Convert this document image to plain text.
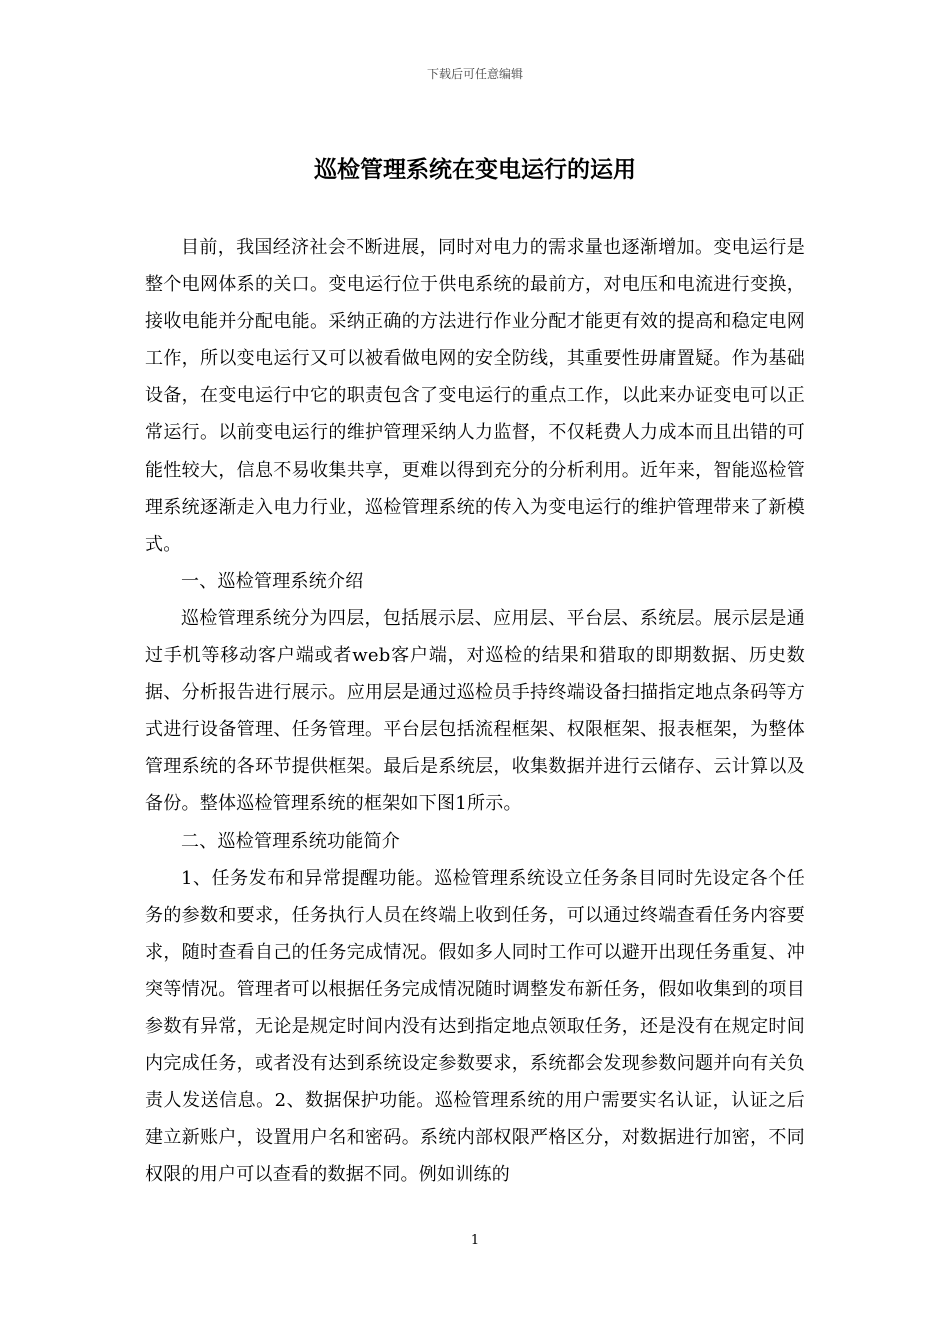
下载后可任意编辑
巡检管理系统在变电运行的运用

目前，我国经济社会不断进展，同时对电力的需求量也逐渐增加。变电运行是整个电网体系的关口。变电运行位于供电系统的最前方，对电压和电流进行变换，接收电能并分配电能。采纳正确的方法进行作业分配才能更有效的提高和稳定电网工作，所以变电运行又可以被看做电网的安全防线，其重要性毋庸置疑。作为基础设备，在变电运行中它的职责包含了变电运行的重点工作，以此来办证变电可以正常运行。以前变电运行的维护管理采纳人力监督，不仅耗费人力成本而且出错的可能性较大，信息不易收集共享，更难以得到充分的分析利用。近年来，智能巡检管理系统逐渐走入电力行业，巡检管理系统的传入为变电运行的维护管理带来了新模式。

一、巡检管理系统介绍

巡检管理系统分为四层，包括展示层、应用层、平台层、系统层。展示层是通过手机等移动客户端或者web客户端，对巡检的结果和猎取的即期数据、历史数据、分析报告进行展示。应用层是通过巡检员手持终端设备扫描指定地点条码等方式进行设备管理、任务管理。平台层包括流程框架、权限框架、报表框架，为整体管理系统的各环节提供框架。最后是系统层，收集数据并进行云储存、云计算以及备份。整体巡检管理系统的框架如下图1所示。

二、巡检管理系统功能简介

1、任务发布和异常提醒功能。巡检管理系统设立任务条目同时先设定各个任务的参数和要求，任务执行人员在终端上收到任务，可以通过终端查看任务内容要求，随时查看自己的任务完成情况。假如多人同时工作可以避开出现任务重复、冲突等情况。管理者可以根据任务完成情况随时调整发布新任务，假如收集到的项目参数有异常，无论是规定时间内没有达到指定地点领取任务，还是没有在规定时间内完成任务，或者没有达到系统设定参数要求，系统都会发现参数问题并向有关负责人发送信息。2、数据保护功能。巡检管理系统的用户需要实名认证，认证之后建立新账户，设置用户名和密码。系统内部权限严格区分，对数据进行加密，不同权限的用户可以查看的数据不同。例如训练的

1
